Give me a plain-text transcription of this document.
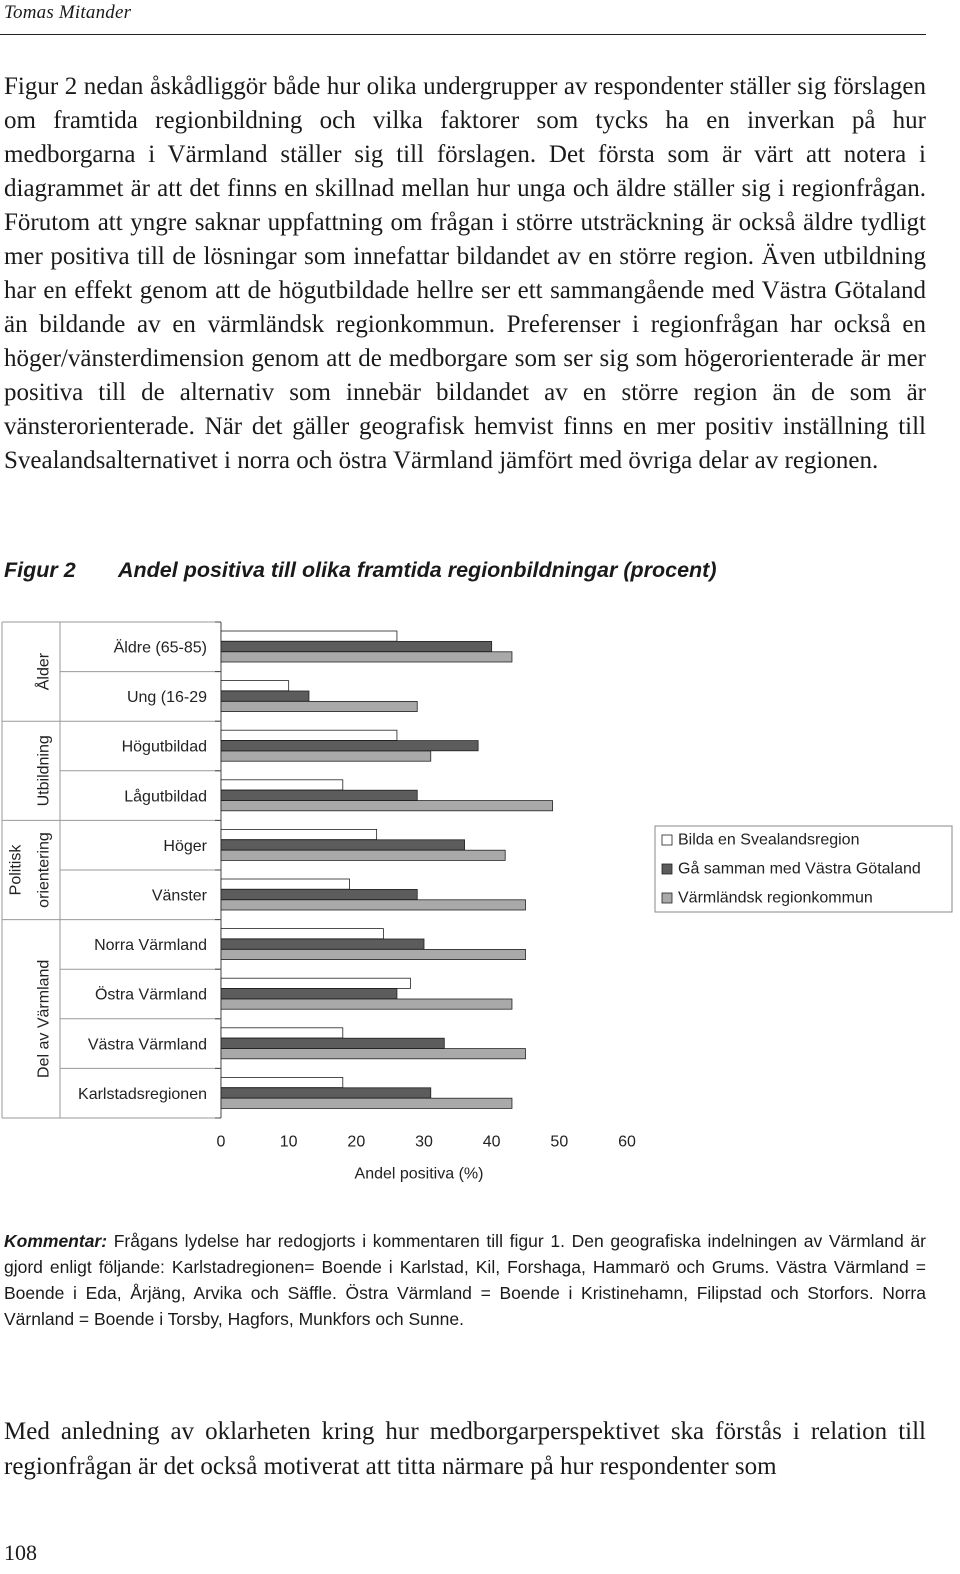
Tomas Mitander

Figur 2 nedan åskådliggör både hur olika undergrupper av respondenter ställer sig förslagen om framtida regionbildning och vilka faktorer som tycks ha en inverkan på hur medborgarna i Värmland ställer sig till förslagen. Det första som är värt att notera i diagrammet är att det finns en skillnad mellan hur unga och äldre ställer sig i regionfrågan. Förutom att yngre saknar uppfattning om frågan i större utsträckning är också äldre tydligt mer positiva till de lösningar som innefattar bildandet av en större region. Även utbildning har en effekt genom att de högutbildade hellre ser ett sammangående med Västra Götaland än bildande av en värmländsk regionkommun. Preferenser i regionfrågan har också en höger/vänsterdimension genom att de medborgare som ser sig som högerorienterade är mer positiva till de alternativ som innebär bildandet av en större region än de som är vänsterorienterade. När det gäller geografisk hemvist finns en mer positiv inställning till Svealandsalternativet i norra och östra Värmland jämfört med övriga delar av regionen.

Figur 2 Andel positiva till olika framtida regionbildningar (procent)
Ålder
Äldre (65-85)
Ung (16-29
Utbildning	Högutbildad
Lågutbildad
Politisk orientering	Höger
Vänster
Del av Värmland
Norra Värmland
Östra Värmland
Västra Värmland
Karlstadsregionen
0	10	20	30	40	50	60
Andel positiva (%)
Bilda en Svealandsregion
Gå samman med Västra Götaland
Värmländsk regionkommun

Kommentar: Frågans lydelse har redogjorts i kommentaren till figur 1. Den geografiska indelningen av Värmland är gjord enligt följande: Karlstadregionen= Boende i Karlstad, Kil, Forshaga, Hammarö och Grums. Västra Värmland = Boende i Eda, Årjäng, Arvika och Säffle. Östra Värmland = Boende i Kristinehamn, Filipstad och Storfors. Norra Värnland = Boende i Torsby, Hagfors, Munkfors och Sunne.

Med anledning av oklarheten kring hur medborgarperspektivet ska förstås i relation till regionfrågan är det också motiverat att titta närmare på hur respondenter som

108
